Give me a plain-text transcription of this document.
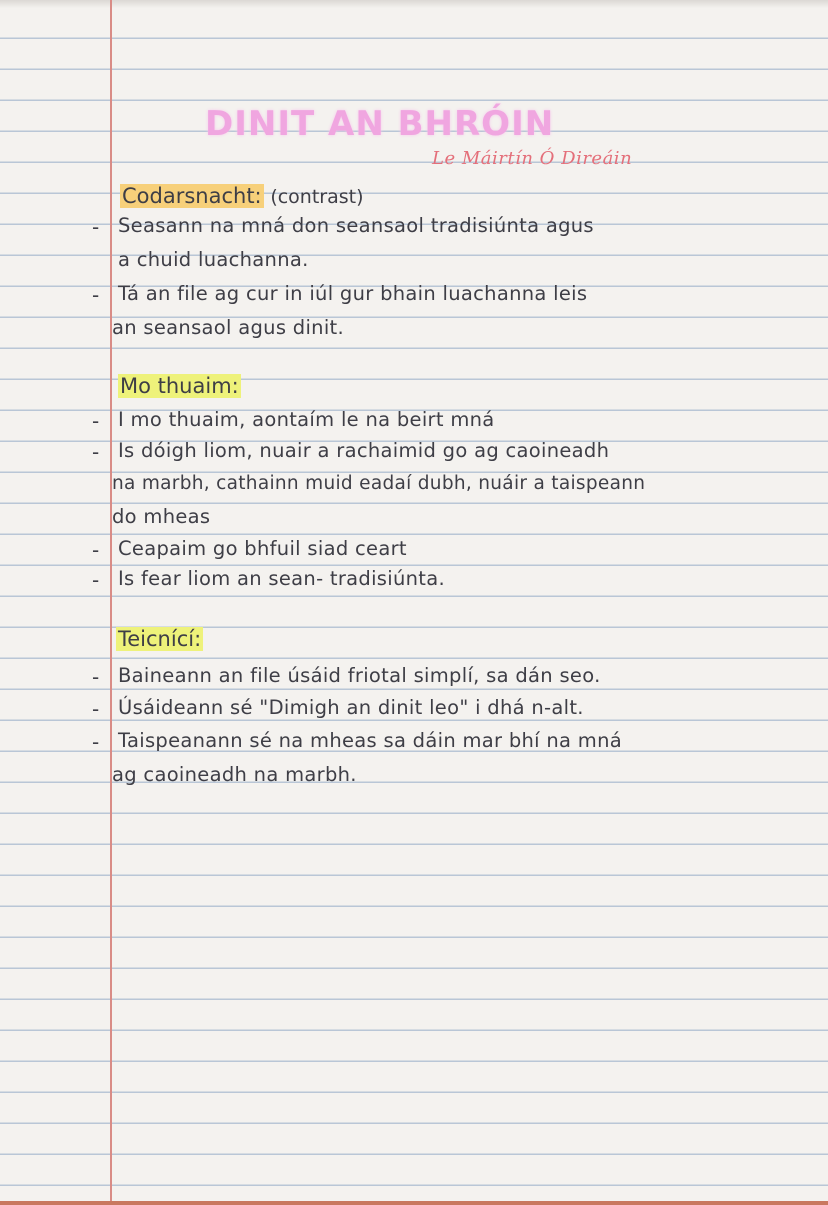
DINIT AN BHRÓIN
Le Máirtín Ó Direáin
Codarsnacht: (contrast)
- Seasann na mná don seansaol tradisiúnta agus
a chuid luachanna.
- Tá an file ag cur in iúl gur bhain luachanna leis
an seansaol agus dinit.
Mo thuaim:
- I mo thuaim, aontaím le na beirt mná
- Is dóigh liom, nuair a rachaimid go ag caoineadh
na marbh, cathainn muid eadaí dubh, nuáir a taispeann
do mheas
- Ceapaim go bhfuil siad ceart
- Is fear liom an sean- tradisiúnta.
Teicnící:
- Baineann an file úsáid friotal simplí, sa dán seo.
- Úsáideann sé "Dimigh an dinit leo" i dhá n-alt.
- Taispeanann sé na mheas sa dáin mar bhí na mná
ag caoineadh na marbh.
